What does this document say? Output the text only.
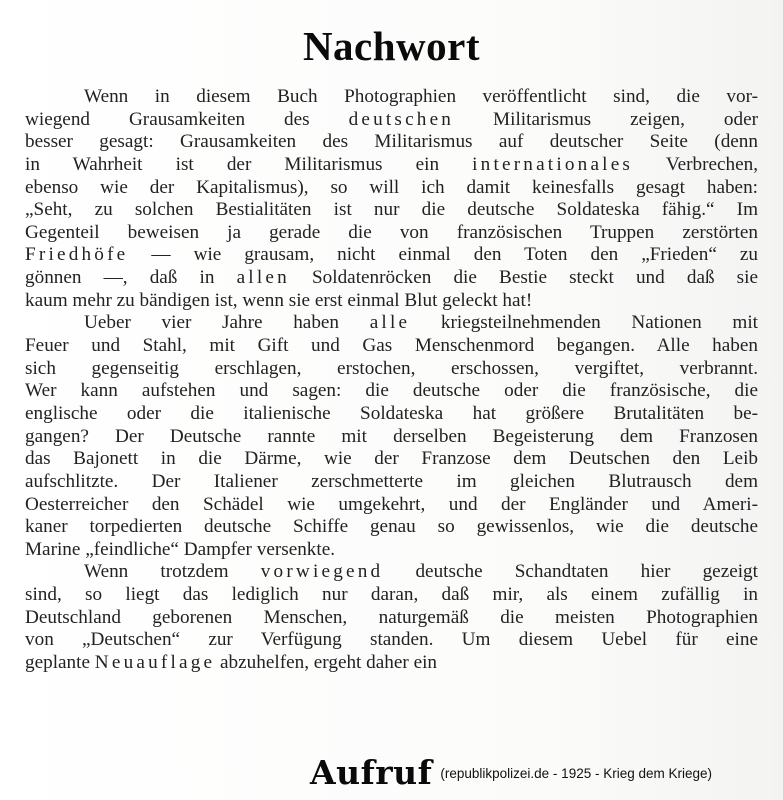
Nachwort
Wenn in diesem Buch Photographien veröffentlicht sind, die vor-
wiegend Grausamkeiten des deutschen Militarismus zeigen, oder
besser gesagt: Grausamkeiten des Militarismus auf deutscher Seite (denn
in Wahrheit ist der Militarismus ein internationales Verbrechen,
ebenso wie der Kapitalismus), so will ich damit keinesfalls gesagt haben:
„Seht, zu solchen Bestialitäten ist nur die deutsche Soldateska fähig.“ Im
Gegenteil beweisen ja gerade die von französischen Truppen zerstörten
Friedhöfe — wie grausam, nicht einmal den Toten den „Frieden“ zu
gönnen —, daß in allen Soldatenröcken die Bestie steckt und daß sie
kaum mehr zu bändigen ist, wenn sie erst einmal Blut geleckt hat!
Ueber vier Jahre haben alle kriegsteilnehmenden Nationen mit
Feuer und Stahl, mit Gift und Gas Menschenmord begangen. Alle haben
sich gegenseitig erschlagen, erstochen, erschossen, vergiftet, verbrannt.
Wer kann aufstehen und sagen: die deutsche oder die französische, die
englische oder die italienische Soldateska hat größere Brutalitäten be-
gangen? Der Deutsche rannte mit derselben Begeisterung dem Franzosen
das Bajonett in die Därme, wie der Franzose dem Deutschen den Leib
aufschlitzte. Der Italiener zerschmetterte im gleichen Blutrausch dem
Oesterreicher den Schädel wie umgekehrt, und der Engländer und Ameri-
kaner torpedierten deutsche Schiffe genau so gewissenlos, wie die deutsche
Marine „feindliche“ Dampfer versenkte.
Wenn trotzdem vorwiegend deutsche Schandtaten hier gezeigt
sind, so liegt das lediglich nur daran, daß mir, als einem zufällig in
Deutschland geborenen Menschen, naturgemäß die meisten Photographien
von „Deutschen“ zur Verfügung standen. Um diesem Uebel für eine
geplante Neuauflage abzuhelfen, ergeht daher ein
Aufruf (republikpolizei.de - 1925 - Krieg dem Kriege)
